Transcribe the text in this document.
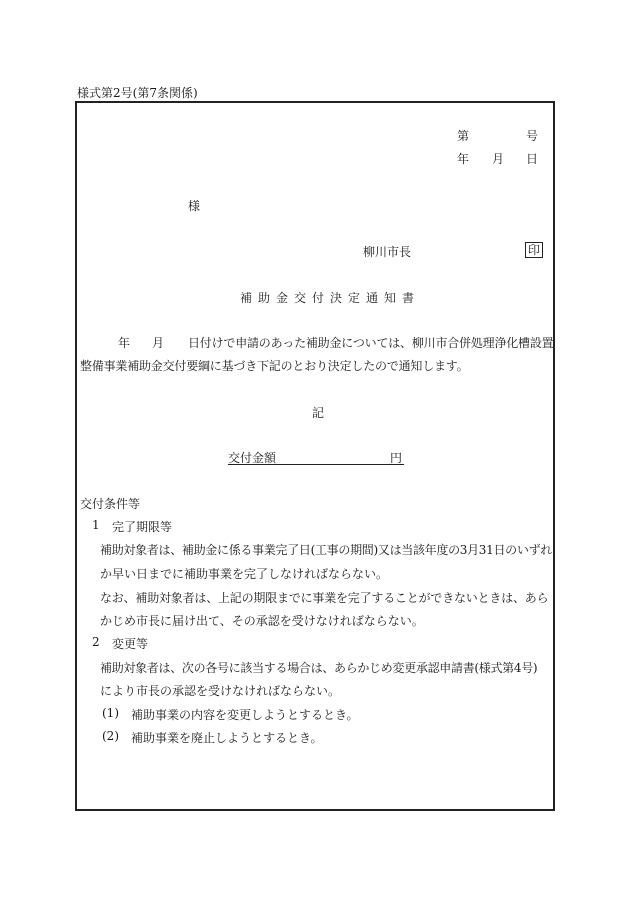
様式第2号(第7条関係)
第	号
年 月 日
様
柳川市長	印
補助金交付決定通知書
年 月 日付けで申請のあった補助金については、柳川市合併処理浄化槽設置
整備事業補助金交付要綱に基づき下記のとおり決定したので通知します。
記
交付金額	円
交付条件等
1 完了期限等
補助対象者は、補助金に係る事業完了日(工事の期間)又は当該年度の3月31日のいずれ
か早い日までに補助事業を完了しなければならない。
なお、補助対象者は、上記の期限までに事業を完了することができないときは、あら
かじめ市長に届け出て、その承認を受けなければならない。
2 変更等
補助対象者は、次の各号に該当する場合は、あらかじめ変更承認申請書(様式第4号)
により市長の承認を受けなければならない。
(1) 補助事業の内容を変更しようとするとき。
(2) 補助事業を廃止しようとするとき。
